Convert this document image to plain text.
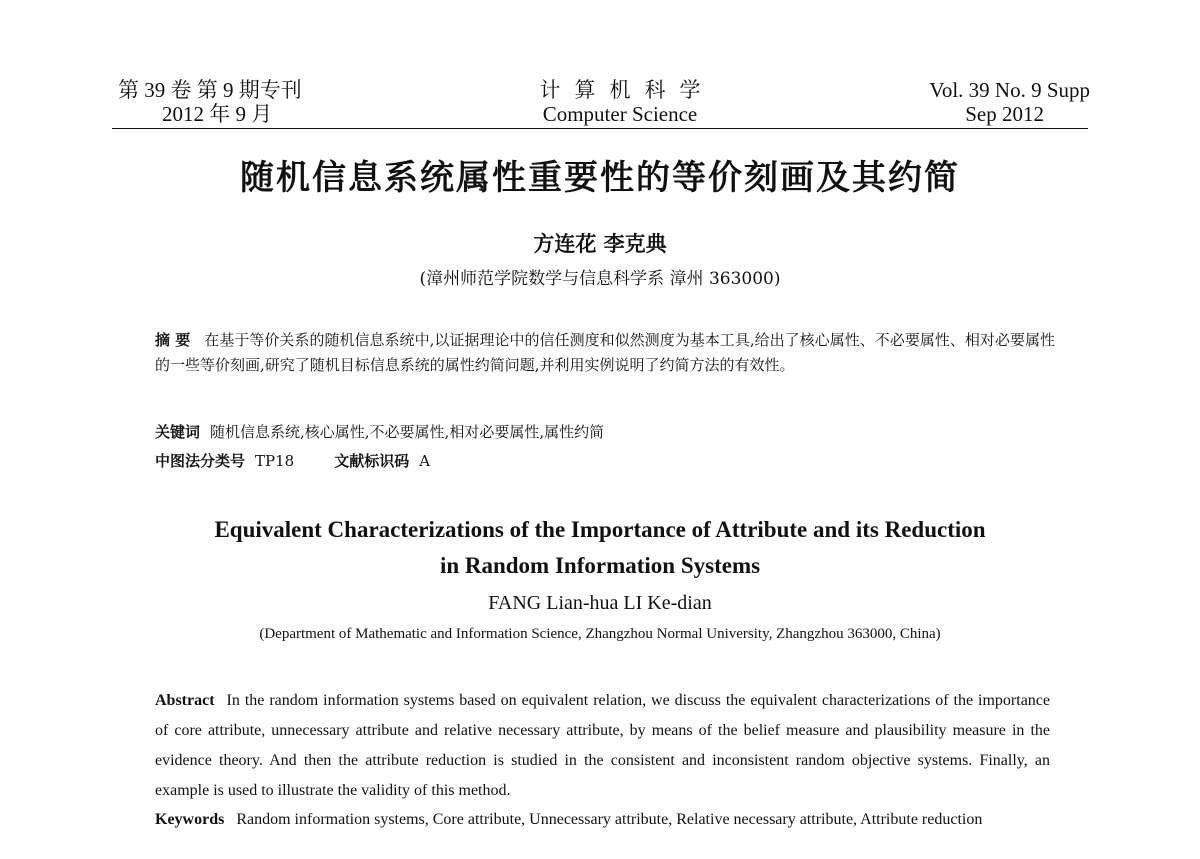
第 39 卷 第 9 期专刊
2012 年 9 月
计算机科学
Computer Science
Vol. 39 No. 9 Supp
Sep 2012
随机信息系统属性重要性的等价刻画及其约简
方连花 李克典
(漳州师范学院数学与信息科学系 漳州 363000)
摘 要 在基于等价关系的随机信息系统中,以证据理论中的信任测度和似然测度为基本工具,给出了核心属性、不必要属性、相对必要属性的一些等价刻画,研究了随机目标信息系统的属性约简问题,并利用实例说明了约简方法的有效性。
关键词 随机信息系统,核心属性,不必要属性,相对必要属性,属性约简
中图法分类号 TP18	文献标识码 A
Equivalent Characterizations of the Importance of Attribute and its Reduction
in Random Information Systems
FANG Lian-hua LI Ke-dian
(Department of Mathematic and Information Science, Zhangzhou Normal University, Zhangzhou 363000, China)
Abstract In the random information systems based on equivalent relation, we discuss the equivalent characterizations of the importance of core attribute, unnecessary attribute and relative necessary attribute, by means of the belief measure and plausibility measure in the evidence theory. And then the attribute reduction is studied in the consistent and inconsistent random objective systems. Finally, an example is used to illustrate the validity of this method.
Keywords Random information systems, Core attribute, Unnecessary attribute, Relative necessary attribute, Attribute reduction
